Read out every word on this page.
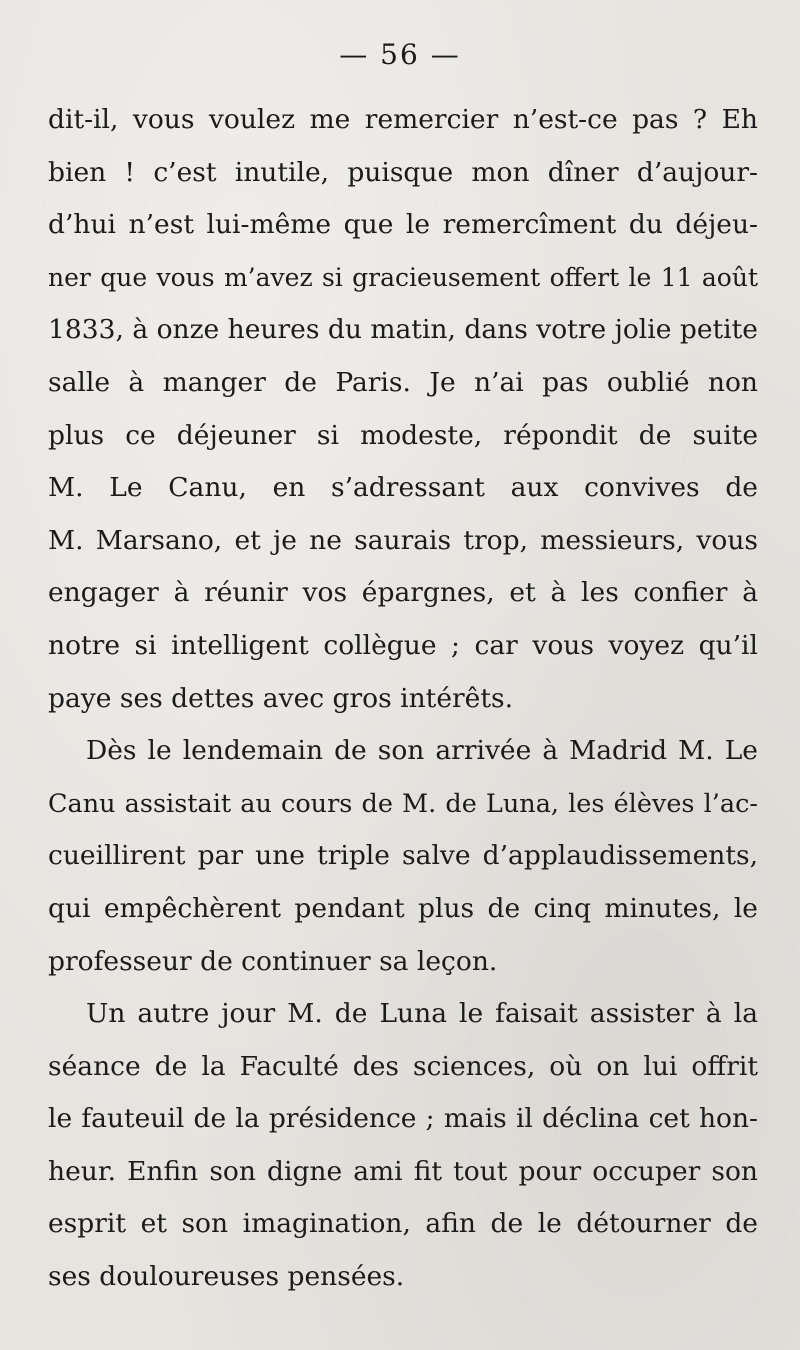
— 56 —
dit-il, vous voulez me remercier n’est-ce pas ? Eh
bien ! c’est inutile, puisque mon dîner d’aujour-
d’hui n’est lui-même que le remercîment du déjeu-
ner que vous m’avez si gracieusement offert le 11 août
1833, à onze heures du matin, dans votre jolie petite
salle à manger de Paris. Je n’ai pas oublié non
plus ce déjeuner si modeste, répondit de suite
M. Le Canu, en s’adressant aux convives de
M. Marsano, et je ne saurais trop, messieurs, vous
engager à réunir vos épargnes, et à les confier à
notre si intelligent collègue ; car vous voyez qu’il
paye ses dettes avec gros intérêts.
Dès le lendemain de son arrivée à Madrid M. Le
Canu assistait au cours de M. de Luna, les élèves l’ac-
cueillirent par une triple salve d’applaudissements,
qui empêchèrent pendant plus de cinq minutes, le
professeur de continuer sa leçon.
Un autre jour M. de Luna le faisait assister à la
séance de la Faculté des sciences, où on lui offrit
le fauteuil de la présidence ; mais il déclina cet hon-
heur. Enfin son digne ami fit tout pour occuper son
esprit et son imagination, afin de le détourner de
ses douloureuses pensées.
